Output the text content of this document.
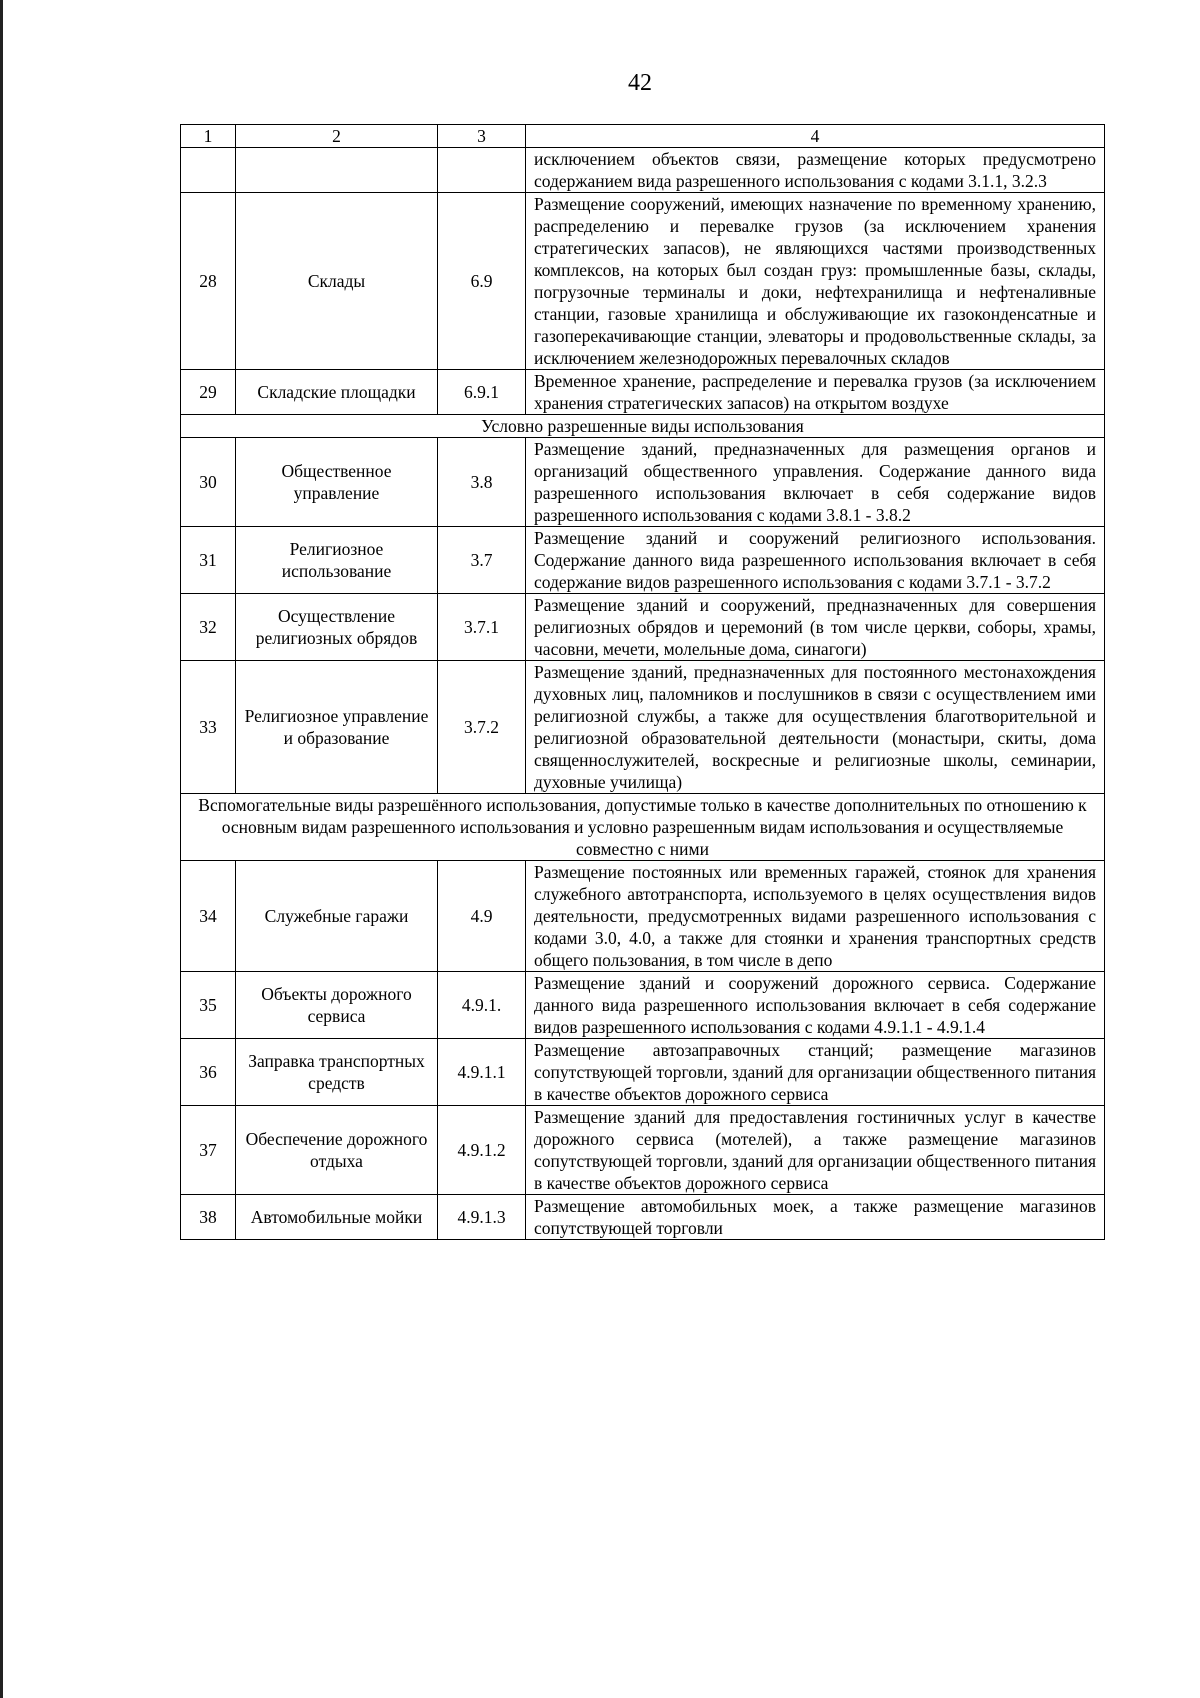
42
1	2	3	4
			исключением объектов связи, размещение которых предусмотрено содержанием вида разрешенного использования с кодами 3.1.1, 3.2.3
28	Склады	6.9	Размещение сооружений, имеющих назначение по временному хранению, распределению и перевалке грузов (за исключением хранения стратегических запасов), не являющихся частями производственных комплексов, на которых был создан груз: промышленные базы, склады, погрузочные терминалы и доки, нефтехранилища и нефтеналивные станции, газовые хранилища и обслуживающие их газоконденсатные и газоперекачивающие станции, элеваторы и продовольственные склады, за исключением железнодорожных перевалочных складов
29	Складские площадки	6.9.1	Временное хранение, распределение и перевалка грузов (за исключением хранения стратегических запасов) на открытом воздухе
Условно разрешенные виды использования			
30	Общественное управление	3.8	Размещение зданий, предназначенных для размещения органов и организаций общественного управления. Содержание данного вида разрешенного использования включает в себя содержание видов разрешенного использования с кодами 3.8.1 - 3.8.2
31	Религиозное использование	3.7	Размещение зданий и сооружений религиозного использования. Содержание данного вида разрешенного использования включает в себя содержание видов разрешенного использования с кодами 3.7.1 - 3.7.2
32	Осуществление религиозных обрядов	3.7.1	Размещение зданий и сооружений, предназначенных для совершения религиозных обрядов и церемоний (в том числе церкви, соборы, храмы, часовни, мечети, молельные дома, синагоги)
33	Религиозное управление и образование	3.7.2	Размещение зданий, предназначенных для постоянного местонахождения духовных лиц, паломников и послушников в связи с осуществлением ими религиозной службы, а также для осуществления благотворительной и религиозной образовательной деятельности (монастыри, скиты, дома священнослужителей, воскресные и религиозные школы, семинарии, духовные училища)
Вспомогательные виды разрешённого использования, допустимые только в качестве дополнительных по отношению к основным видам разрешенного использования и условно разрешенным видам использования и осуществляемые совместно с ними			
34	Служебные гаражи	4.9	Размещение постоянных или временных гаражей, стоянок для хранения служебного автотранспорта, используемого в целях осуществления видов деятельности, предусмотренных видами разрешенного использования с кодами 3.0, 4.0, а также для стоянки и хранения транспортных средств общего пользования, в том числе в депо
35	Объекты дорожного сервиса	4.9.1.	Размещение зданий и сооружений дорожного сервиса. Содержание данного вида разрешенного использования включает в себя содержание видов разрешенного использования с кодами 4.9.1.1 - 4.9.1.4
36	Заправка транспортных средств	4.9.1.1	Размещение автозаправочных станций; размещение магазинов сопутствующей торговли, зданий для организации общественного питания в качестве объектов дорожного сервиса
37	Обеспечение дорожного отдыха	4.9.1.2	Размещение зданий для предоставления гостиничных услуг в качестве дорожного сервиса (мотелей), а также размещение магазинов сопутствующей торговли, зданий для организации общественного питания в качестве объектов дорожного сервиса
38	Автомобильные мойки	4.9.1.3	Размещение автомобильных моек, а также размещение магазинов сопутствующей торговли
